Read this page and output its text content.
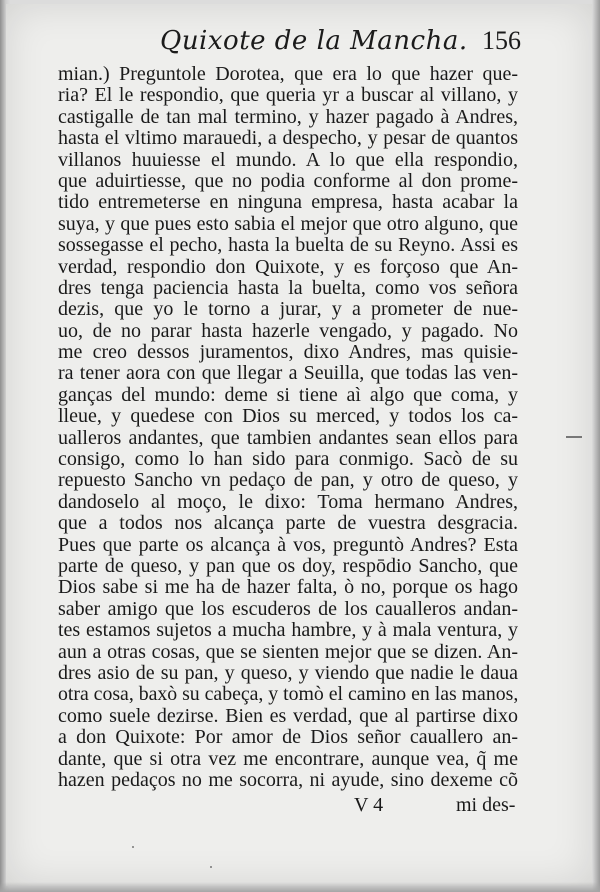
Quixote de la Mancha. 156
mian.) Preguntole Dorotea, que era lo que hazer que-
ria? El le respondio, que queria yr a buscar al villano, y
castigalle de tan mal termino, y hazer pagado à Andres,
hasta el vltimo marauedi, a despecho, y pesar de quantos
villanos huuiesse el mundo. A lo que ella respondio,
que aduirtiesse, que no podia conforme al don prome-
tido entremeterse en ninguna empresa, hasta acabar la
suya, y que pues esto sabia el mejor que otro alguno, que
sossegasse el pecho, hasta la buelta de su Reyno. Assi es
verdad, respondio don Quixote, y es forçoso que An-
dres tenga paciencia hasta la buelta, como vos señora
dezis, que yo le torno a jurar, y a prometer de nue-
uo, de no parar hasta hazerle vengado, y pagado. No
me creo dessos juramentos, dixo Andres, mas quisie-
ra tener aora con que llegar a Seuilla, que todas las ven-
ganças del mundo: deme si tiene aì algo que coma, y
lleue, y quedese con Dios su merced, y todos los ca-
ualleros andantes, que tambien andantes sean ellos para
consigo, como lo han sido para conmigo. Sacò de su
repuesto Sancho vn pedaço de pan, y otro de queso, y
dandoselo al moço, le dixo: Toma hermano Andres,
que a todos nos alcança parte de vuestra desgracia.
Pues que parte os alcança à vos, preguntò Andres? Esta
parte de queso, y pan que os doy, respōdio Sancho, que
Dios sabe si me ha de hazer falta, ò no, porque os hago
saber amigo que los escuderos de los caualleros andan-
tes estamos sujetos a mucha hambre, y à mala ventura, y
aun a otras cosas, que se sienten mejor que se dizen. An-
dres asio de su pan, y queso, y viendo que nadie le daua
otra cosa, baxò su cabeça, y tomò el camino en las manos,
como suele dezirse. Bien es verdad, que al partirse dixo
a don Quixote: Por amor de Dios señor cauallero an-
dante, que si otra vez me encontrare, aunque vea, q̃ me
hazen pedaços no me socorra, ni ayude, sino dexeme cõ
V 4	mi des-
